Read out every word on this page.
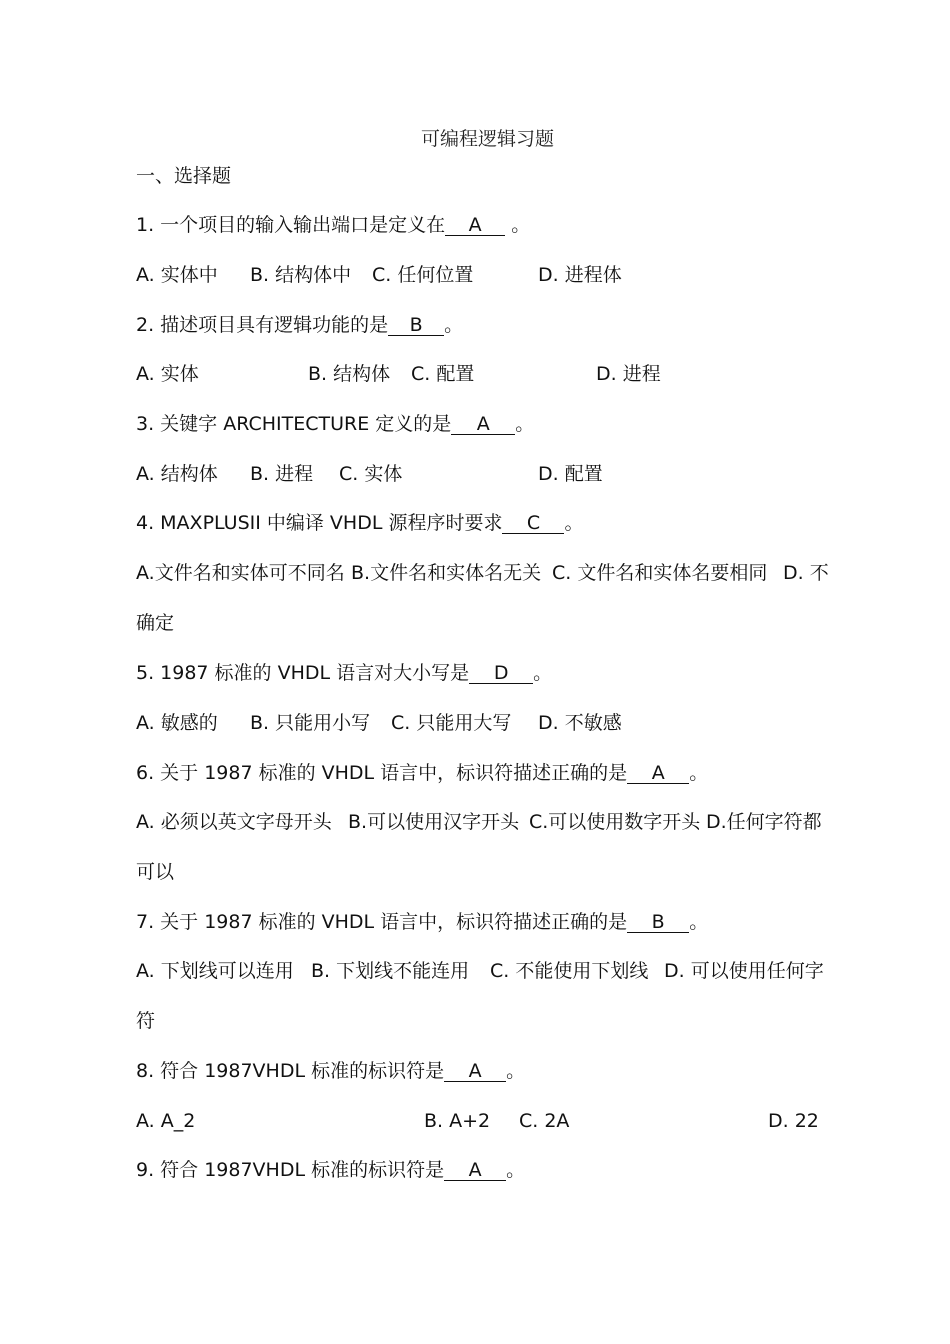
可编程逻辑习题
一、选择题
1. 一个项目的输入输出端口是定义在 A 。
A. 实体中 B. 结构体中 C. 任何位置	D. 进程体
2. 描述项目具有逻辑功能的是 B 。
A. 实体	B. 结构体 C. 配置	D. 进程
3. 关键字 ARCHITECTURE 定义的是 A 。
A. 结构体 B. 进程 C. 实体	D. 配置
4. MAXPLUSII 中编译 VHDL 源程序时要求 C 。
A.文件名和实体可不同名 B.文件名和实体名无关 C. 文件名和实体名要相同 D. 不
确定
5. 1987 标准的 VHDL 语言对大小写是 D 。
A. 敏感的 B. 只能用小写 C. 只能用大写 D. 不敏感
6. 关于 1987 标准的 VHDL 语言中，标识符描述正确的是 A 。
A. 必须以英文字母开头 B.可以使用汉字开头 C.可以使用数字开头 D.任何字符都
可以
7. 关于 1987 标准的 VHDL 语言中，标识符描述正确的是 B 。
A. 下划线可以连用 B. 下划线不能连用 C. 不能使用下划线 D. 可以使用任何字
符
8. 符合 1987VHDL 标准的标识符是 A 。
A. A_2	B. A+2 C. 2A	D. 22
9. 符合 1987VHDL 标准的标识符是 A 。
